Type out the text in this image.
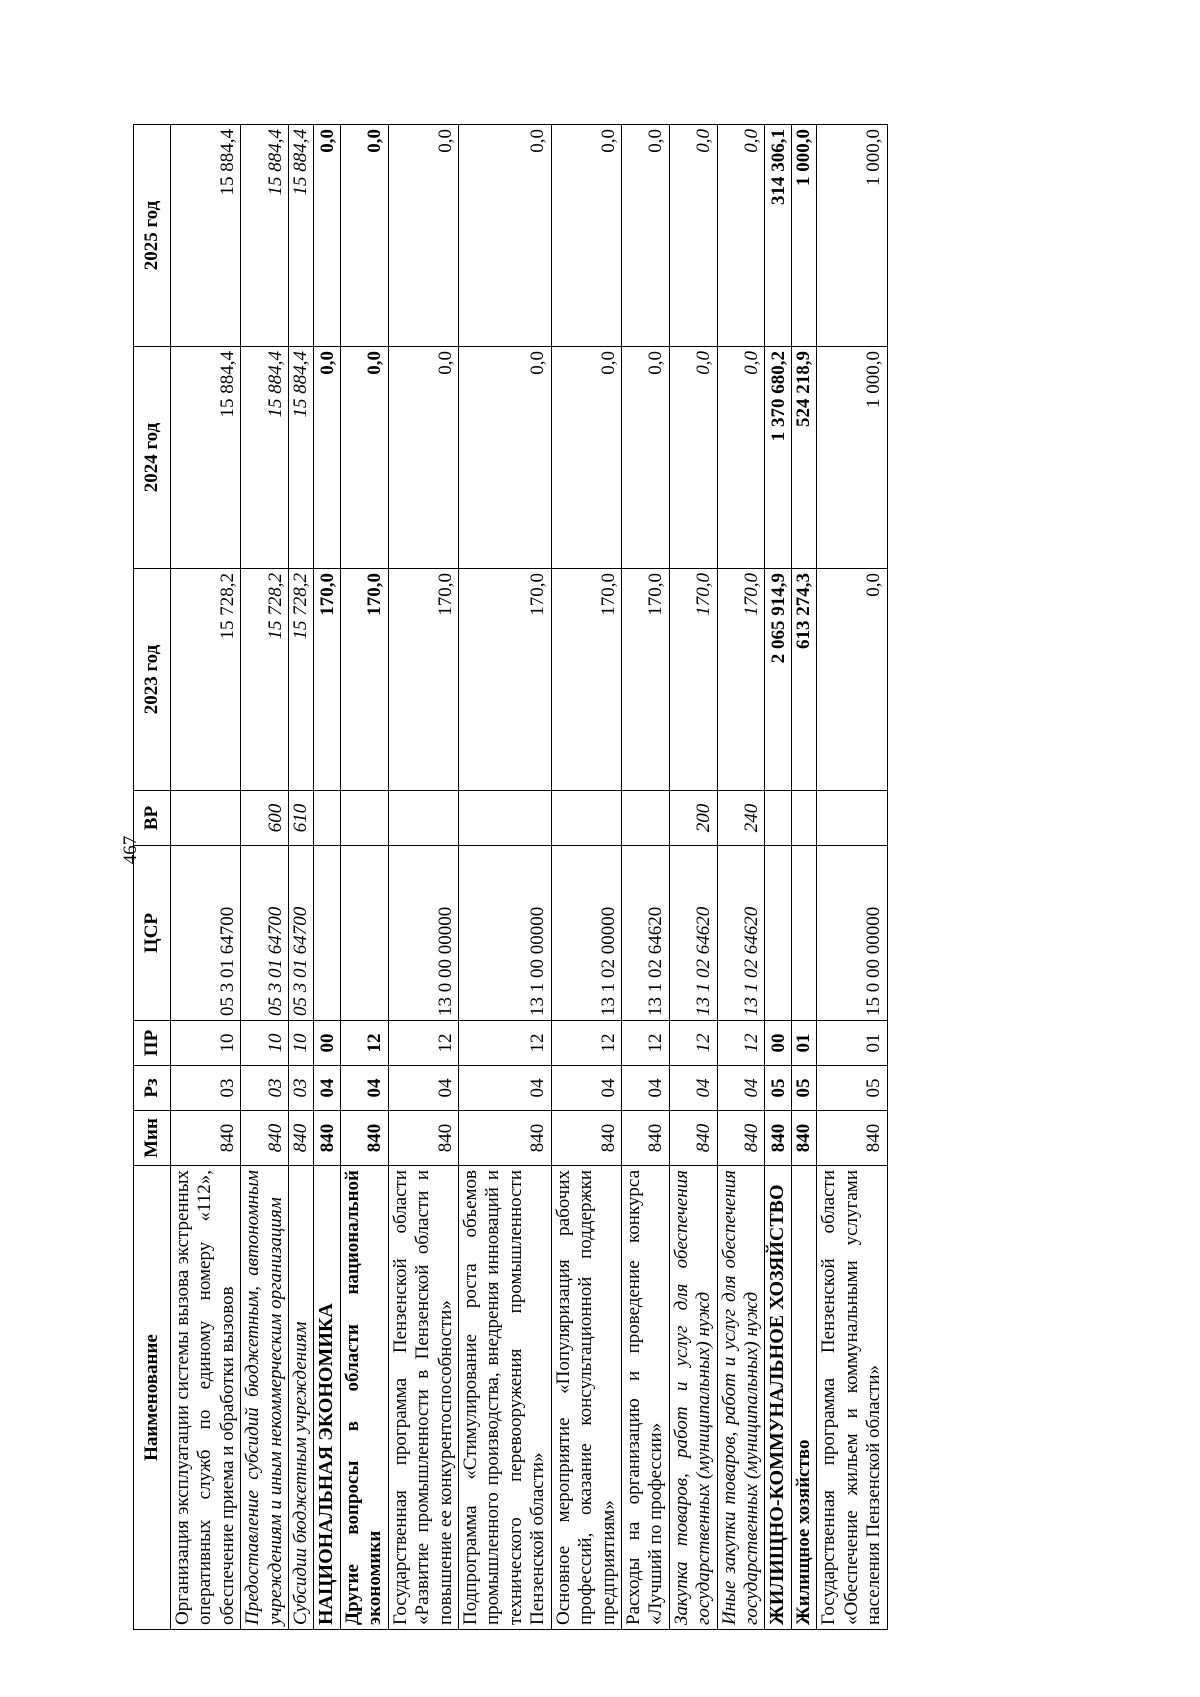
467
Наименование	Мин	Рз	ПР	ЦСР	ВР	2023 год	2024 год	2025 год
Организация эксплуатации системы вызова экстренных оперативных служб по единому номеру «112», обеспечение приема и обработки вызовов	840	03	10	05 3 01 64700		15 728,2	15 884,4	15 884,4
Предоставление субсидий бюджетным, автономным учреждениям и иным некоммерческим организациям	840	03	10	05 3 01 64700	600	15 728,2	15 884,4	15 884,4
Субсидии бюджетным учреждениям	840	03	10	05 3 01 64700	610	15 728,2	15 884,4	15 884,4
НАЦИОНАЛЬНАЯ ЭКОНОМИКА	840	04	00			170,0	0,0	0,0
Другие вопросы в области национальной экономики	840	04	12			170,0	0,0	0,0
Государственная программа Пензенской области «Развитие промышленности в Пензенской области и повышение ее конкурентоспособности»	840	04	12	13 0 00 00000		170,0	0,0	0,0
Подпрограмма «Стимулирование роста объемов промышленного производства, внедрения инноваций и технического перевооружения промышленности Пензенской области»	840	04	12	13 1 00 00000		170,0	0,0	0,0
Основное мероприятие «Популяризация рабочих профессий, оказание консультационной поддержки предприятиям»	840	04	12	13 1 02 00000		170,0	0,0	0,0
Расходы на организацию и проведение конкурса «Лучший по профессии»	840	04	12	13 1 02 64620		170,0	0,0	0,0
Закупка товаров, работ и услуг для обеспечения государственных (муниципальных) нужд	840	04	12	13 1 02 64620	200	170,0	0,0	0,0
Иные закупки товаров, работ и услуг для обеспечения государственных (муниципальных) нужд	840	04	12	13 1 02 64620	240	170,0	0,0	0,0
ЖИЛИЩНО-КОММУНАЛЬНОЕ ХОЗЯЙСТВО	840	05	00			2 065 914,9	1 370 680,2	314 306,1
Жилищное хозяйство	840	05	01			613 274,3	524 218,9	1 000,0
Государственная программа Пензенской области «Обеспечение жильем и коммунальными услугами населения Пензенской области»	840	05	01	15 0 00 00000		0,0	1 000,0	1 000,0
